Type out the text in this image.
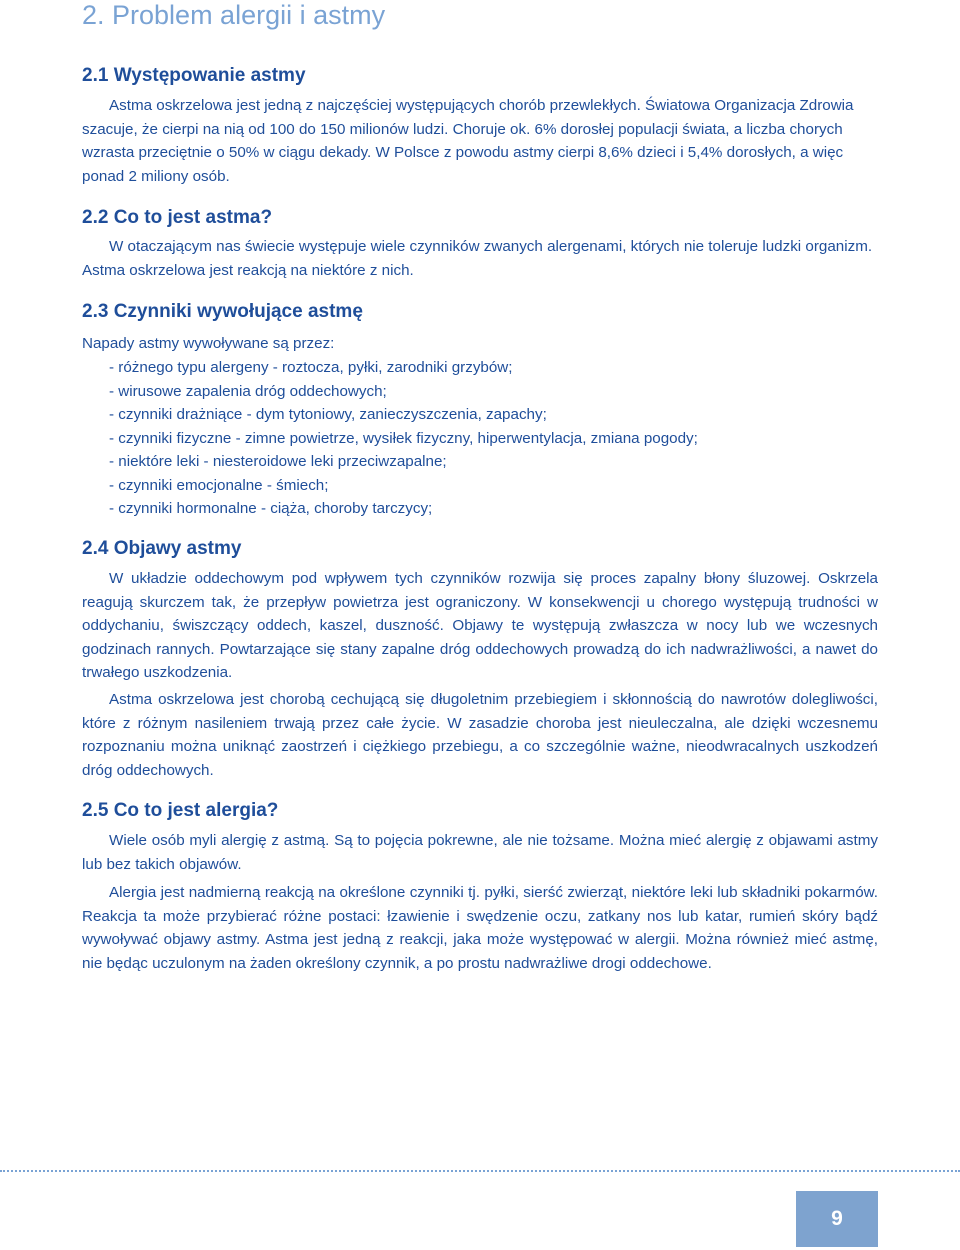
2. Problem alergii i astmy
2.1 Występowanie astmy

Astma oskrzelowa jest jedną z najczęściej występujących chorób przewlekłych. Światowa Organizacja Zdrowia szacuje, że cierpi na nią od 100 do 150 milionów ludzi. Choruje ok. 6% dorosłej populacji świata, a liczba chorych wzrasta przeciętnie o 50% w ciągu dekady. W Polsce z powodu astmy cierpi 8,6% dzieci i 5,4% dorosłych, a więc ponad 2 miliony osób.

2.2 Co to jest astma?

W otaczającym nas świecie występuje wiele czynników zwanych alergenami, których nie toleruje ludzki organizm. Astma oskrzelowa jest reakcją na niektóre z nich.

2.3 Czynniki wywołujące astmę

Napady astmy wywoływane są przez:

- różnego typu alergeny - roztocza, pyłki, zarodniki grzybów;
- wirusowe zapalenia dróg oddechowych;
- czynniki drażniące - dym tytoniowy, zanieczyszczenia, zapachy;
- czynniki fizyczne - zimne powietrze, wysiłek fizyczny, hiperwentylacja, zmiana pogody;
- niektóre leki - niesteroidowe leki przeciwzapalne;
- czynniki emocjonalne - śmiech;
- czynniki hormonalne - ciąża, choroby tarczycy;
2.4 Objawy astmy

W układzie oddechowym pod wpływem tych czynników rozwija się proces zapalny błony śluzowej. Oskrzela reagują skurczem tak, że przepływ powietrza jest ograniczony. W konsekwencji u chorego występują trudności w oddychaniu, świszczący oddech, kaszel, duszność. Objawy te występują zwłaszcza w nocy lub we wczesnych godzinach rannych. Powtarzające się stany zapalne dróg oddechowych prowadzą do ich nadwrażliwości, a nawet do trwałego uszkodzenia.

Astma oskrzelowa jest chorobą cechującą się długoletnim przebiegiem i skłonnością do nawrotów dolegliwości, które z różnym nasileniem trwają przez całe życie. W zasadzie choroba jest nieuleczalna, ale dzięki wczesnemu rozpoznaniu można uniknąć zaostrzeń i ciężkiego przebiegu, a co szczególnie ważne, nieodwracalnych uszkodzeń dróg oddechowych.

2.5 Co to jest alergia?

Wiele osób myli alergię z astmą. Są to pojęcia pokrewne, ale nie tożsame. Można mieć alergię z objawami astmy lub bez takich objawów.

Alergia jest nadmierną reakcją na określone czynniki tj. pyłki, sierść zwierząt, niektóre leki lub składniki pokarmów. Reakcja ta może przybierać różne postaci: łzawienie i swędzenie oczu, zatkany nos lub katar, rumień skóry bądź wywoływać objawy astmy. Astma jest jedną z reakcji, jaka może występować w alergii. Można również mieć astmę, nie będąc uczulonym na żaden określony czynnik, a po prostu nadwrażliwe drogi oddechowe.

9
